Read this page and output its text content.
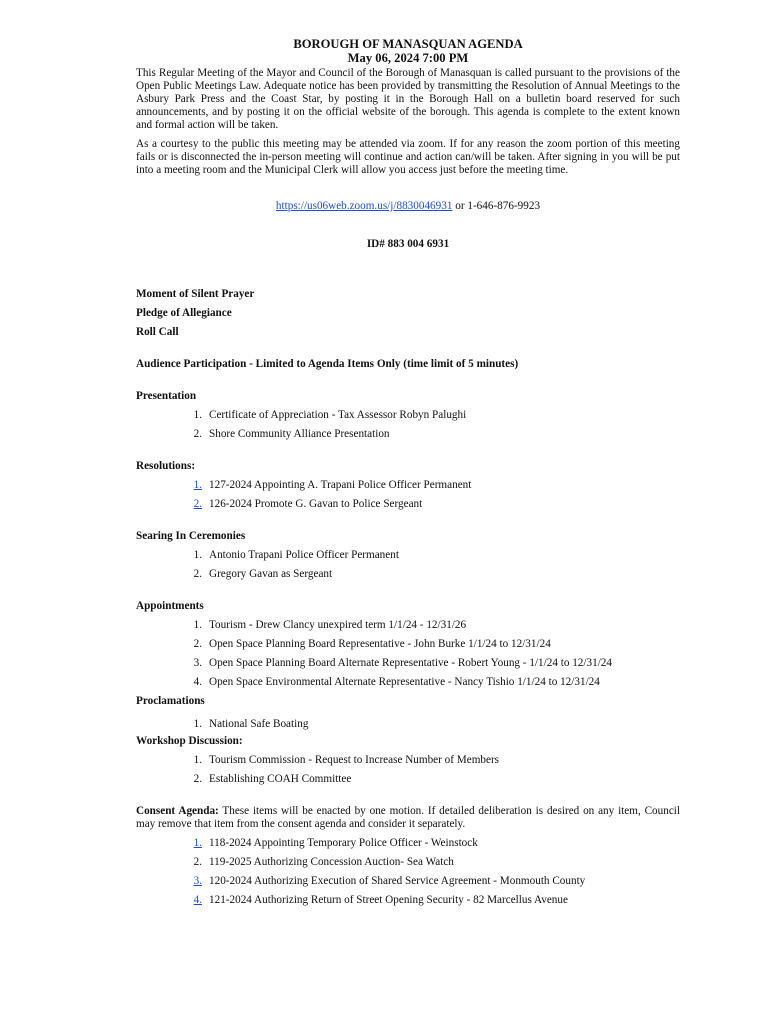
BOROUGH OF MANASQUAN AGENDA
May 06, 2024 7:00 PM

This Regular Meeting of the Mayor and Council of the Borough of Manasquan is called pursuant to the provisions of the Open Public Meetings Law. Adequate notice has been provided by transmitting the Resolution of Annual Meetings to the Asbury Park Press and the Coast Star, by posting it in the Borough Hall on a bulletin board reserved for such announcements, and by posting it on the official website of the borough. This agenda is complete to the extent known and formal action will be taken.

As a courtesy to the public this meeting may be attended via zoom. If for any reason the zoom portion of this meeting fails or is disconnected the in-person meeting will continue and action can/will be taken. After signing in you will be put into a meeting room and the Municipal Clerk will allow you access just before the meeting time.

https://us06web.zoom.us/j/8830046931 or 1-646-876-9923
ID# 883 004 6931
Moment of Silent Prayer
Pledge of Allegiance
Roll Call
Audience Participation - Limited to Agenda Items Only (time limit of 5 minutes)
Presentation
1. Certificate of Appreciation - Tax Assessor Robyn Palughi
2. Shore Community Alliance Presentation
Resolutions:
1. 127-2024 Appointing A. Trapani Police Officer Permanent
2. 126-2024 Promote G. Gavan to Police Sergeant
Searing In Ceremonies
1. Antonio Trapani Police Officer Permanent
2. Gregory Gavan as Sergeant
Appointments
1. Tourism - Drew Clancy unexpired term 1/1/24 - 12/31/26
2. Open Space Planning Board Representative - John Burke 1/1/24 to 12/31/24
3. Open Space Planning Board Alternate Representative - Robert Young - 1/1/24 to 12/31/24
4. Open Space Environmental Alternate Representative - Nancy Tishio 1/1/24 to 12/31/24
Proclamations
1. National Safe Boating
Workshop Discussion:
1. Tourism Commission - Request to Increase Number of Members
2. Establishing COAH Committee

Consent Agenda: These items will be enacted by one motion. If detailed deliberation is desired on any item, Council may remove that item from the consent agenda and consider it separately.

1. 118-2024 Appointing Temporary Police Officer - Weinstock
2. 119-2025 Authorizing Concession Auction- Sea Watch
3. 120-2024 Authorizing Execution of Shared Service Agreement - Monmouth County
4. 121-2024 Authorizing Return of Street Opening Security - 82 Marcellus Avenue
